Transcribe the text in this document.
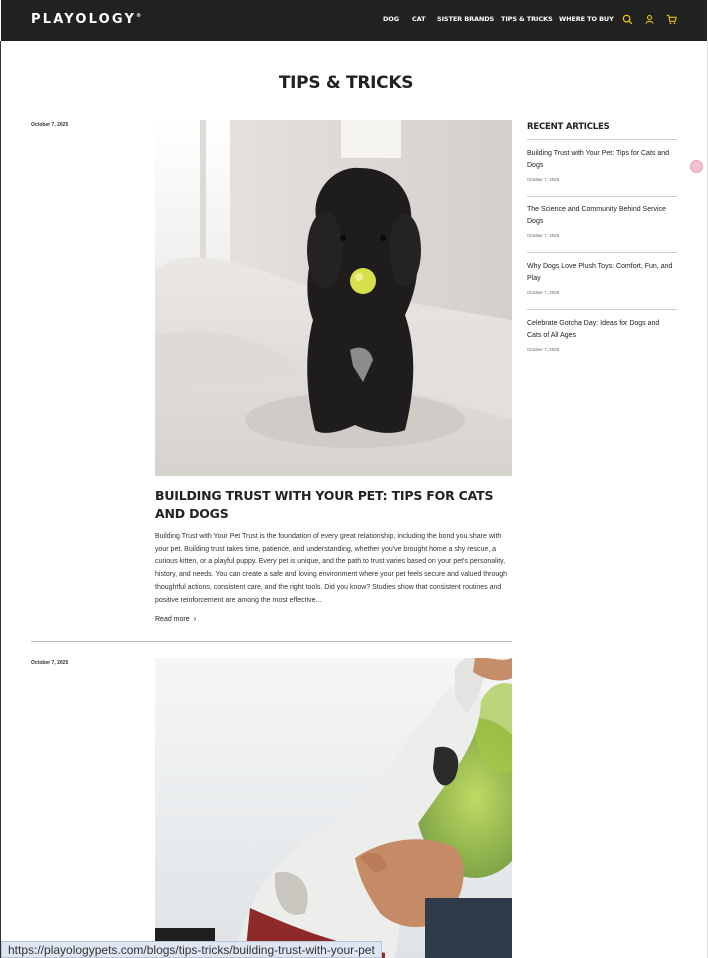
PLAYOLOGY®	DOG CAT SISTER BRANDS TIPS & TRICKS WHERE TO BUY
TIPS & TRICKS
October 7, 2025
BUILDING TRUST WITH YOUR PET: TIPS FOR CATS AND DOGS

Building Trust with Your Pet Trust is the foundation of every great relationship, including the bond you share with your pet. Building trust takes time, patience, and understanding, whether you've brought home a shy rescue, a curious kitten, or a playful puppy. Every pet is unique, and the path to trust varies based on your pet's personality, history, and needs. You can create a safe and loving environment where your pet feels secure and valued through thoughtful actions, consistent care, and the right tools. Did you know? Studies show that consistent routines and positive reinforcement are among the most effective...

Read more ›
October 7, 2025
RECENT ARTICLES
Building Trust with Your Pet: Tips for Cats and Dogs
October 7, 2025
The Science and Community Behind Service Dogs
October 7, 2025
Why Dogs Love Plush Toys: Comfort, Fun, and Play
October 7, 2025
Celebrate Gotcha Day: Ideas for Dogs and Cats of All Ages
October 7, 2025
https://playologypets.com/blogs/tips-tricks/building-trust-with-your-pet
